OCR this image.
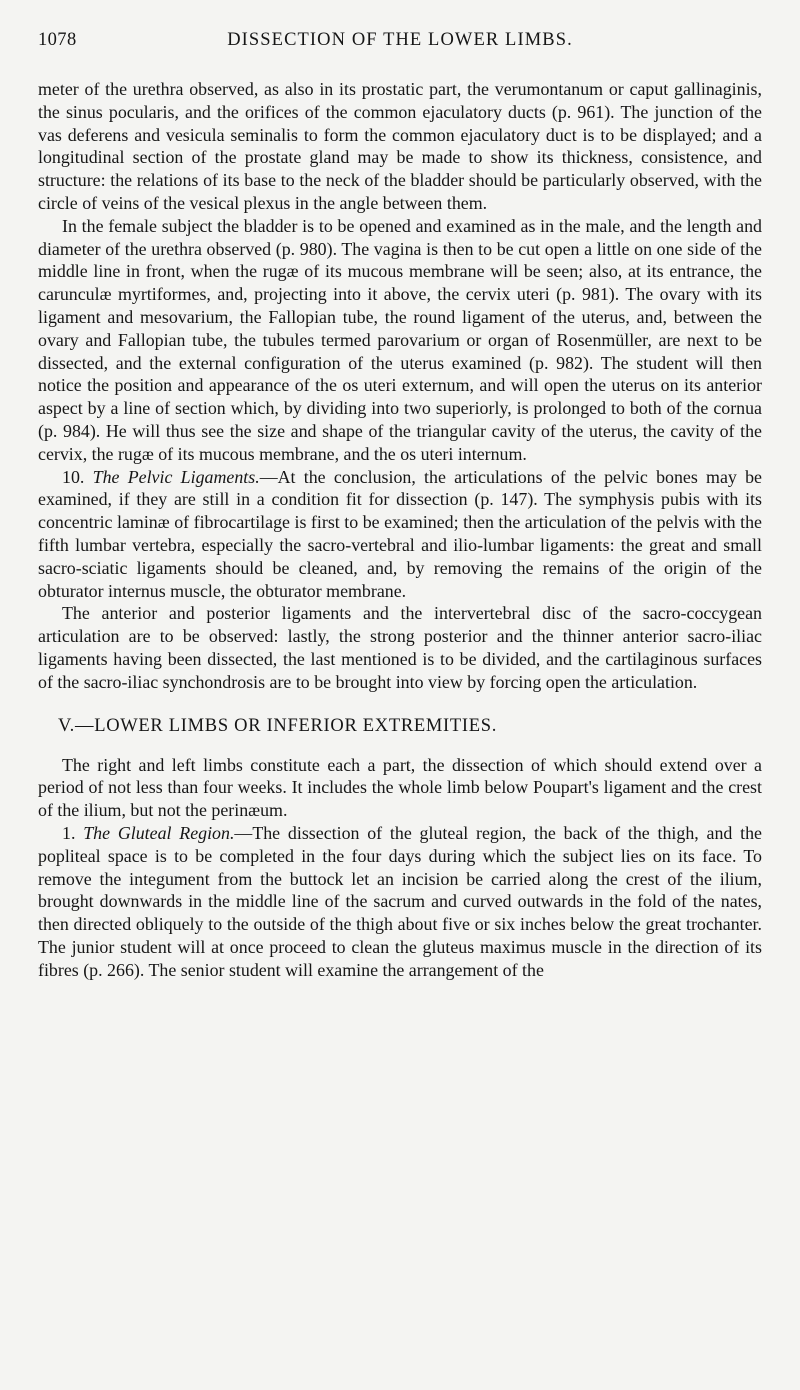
1078	DISSECTION OF THE LOWER LIMBS.

meter of the urethra observed, as also in its prostatic part, the verumontanum or caput gallinaginis, the sinus pocularis, and the orifices of the common ejaculatory ducts (p. 961). The junction of the vas deferens and vesicula seminalis to form the common ejaculatory duct is to be displayed; and a longitudinal section of the prostate gland may be made to show its thickness, consistence, and structure: the relations of its base to the neck of the bladder should be particularly observed, with the circle of veins of the vesical plexus in the angle between them.

In the female subject the bladder is to be opened and examined as in the male, and the length and diameter of the urethra observed (p. 980). The vagina is then to be cut open a little on one side of the middle line in front, when the rugæ of its mucous membrane will be seen; also, at its entrance, the carunculæ myrtiformes, and, projecting into it above, the cervix uteri (p. 981). The ovary with its ligament and mesovarium, the Fallopian tube, the round ligament of the uterus, and, between the ovary and Fallopian tube, the tubules termed parovarium or organ of Rosenmüller, are next to be dissected, and the external configuration of the uterus examined (p. 982). The student will then notice the position and appearance of the os uteri externum, and will open the uterus on its anterior aspect by a line of section which, by dividing into two superiorly, is prolonged to both of the cornua (p. 984). He will thus see the size and shape of the triangular cavity of the uterus, the cavity of the cervix, the rugæ of its mucous membrane, and the os uteri internum.

10. The Pelvic Ligaments.—At the conclusion, the articulations of the pelvic bones may be examined, if they are still in a condition fit for dissection (p. 147). The symphysis pubis with its concentric laminæ of fibrocartilage is first to be examined; then the articulation of the pelvis with the fifth lumbar vertebra, especially the sacro-vertebral and ilio-lumbar ligaments: the great and small sacro-sciatic ligaments should be cleaned, and, by removing the remains of the origin of the obturator internus muscle, the obturator membrane.

The anterior and posterior ligaments and the intervertebral disc of the sacro-coccygean articulation are to be observed: lastly, the strong posterior and the thinner anterior sacro-iliac ligaments having been dissected, the last mentioned is to be divided, and the cartilaginous surfaces of the sacro-iliac synchondrosis are to be brought into view by forcing open the articulation.

V.—LOWER LIMBS OR INFERIOR EXTREMITIES.

The right and left limbs constitute each a part, the dissection of which should extend over a period of not less than four weeks. It includes the whole limb below Poupart's ligament and the crest of the ilium, but not the perinæum.

1. The Gluteal Region.—The dissection of the gluteal region, the back of the thigh, and the popliteal space is to be completed in the four days during which the subject lies on its face. To remove the integument from the buttock let an incision be carried along the crest of the ilium, brought downwards in the middle line of the sacrum and curved outwards in the fold of the nates, then directed obliquely to the outside of the thigh about five or six inches below the great trochanter. The junior student will at once proceed to clean the gluteus maximus muscle in the direction of its fibres (p. 266). The senior student will examine the arrangement of the
